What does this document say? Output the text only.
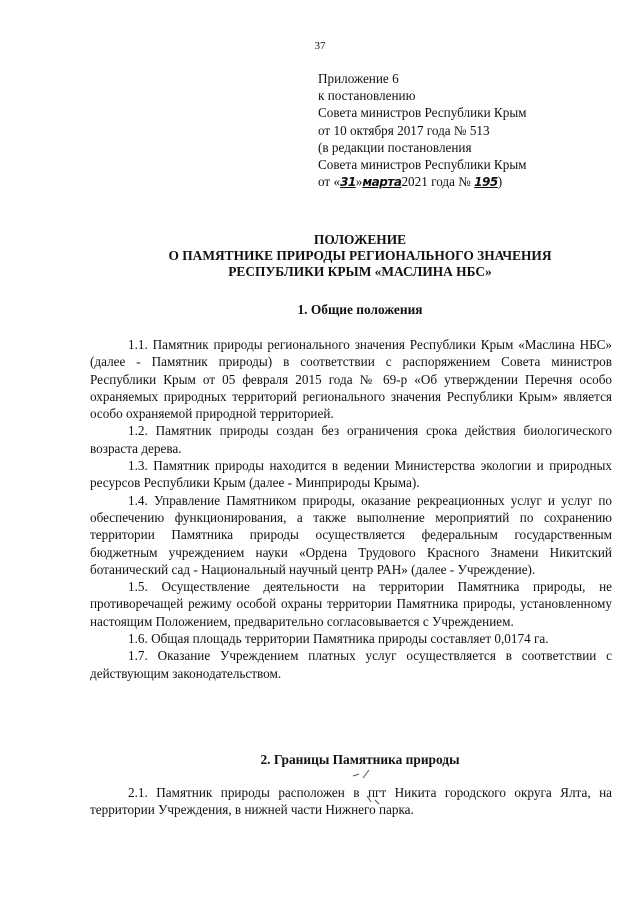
37
Приложение 6
к постановлению
Совета министров Республики Крым
от 10 октября 2017 года № 513
(в редакции постановления
Совета министров Республики Крым
от «31»марта2021 года № 195)
ПОЛОЖЕНИЕ
О ПАМЯТНИКЕ ПРИРОДЫ РЕГИОНАЛЬНОГО ЗНАЧЕНИЯ
РЕСПУБЛИКИ КРЫМ «МАСЛИНА НБС»
1. Общие положения

1.1. Памятник природы регионального значения Республики Крым «Маслина НБС» (далее - Памятник природы) в соответствии с распоряжением Совета министров Республики Крым от 05 февраля 2015 года № 69-р «Об утверждении Перечня особо охраняемых природных территорий регионального значения Республики Крым» является особо охраняемой природной территорией.

1.2. Памятник природы создан без ограничения срока действия биологического возраста дерева.

1.3. Памятник природы находится в ведении Министерства экологии и природных ресурсов Республики Крым (далее - Минприроды Крыма).

1.4. Управление Памятником природы, оказание рекреационных услуг и услуг по обеспечению функционирования, а также выполнение мероприятий по сохранению территории Памятника природы осуществляется федеральным государственным бюджетным учреждением науки «Ордена Трудового Красного Знамени Никитский ботанический сад - Национальный научный центр РАН» (далее - Учреждение).

1.5. Осуществление деятельности на территории Памятника природы, не противоречащей режиму особой охраны территории Памятника природы, установленному настоящим Положением, предварительно согласовывается с Учреждением.

1.6. Общая площадь территории Памятника природы составляет 0,0174 га.

1.7. Оказание Учреждением платных услуг осуществляется в соответствии с действующим законодательством.

2. Границы Памятника природы

2.1. Памятник природы расположен в пгт Никита городского округа Ялта, на территории Учреждения, в нижней части Нижнего парка.
